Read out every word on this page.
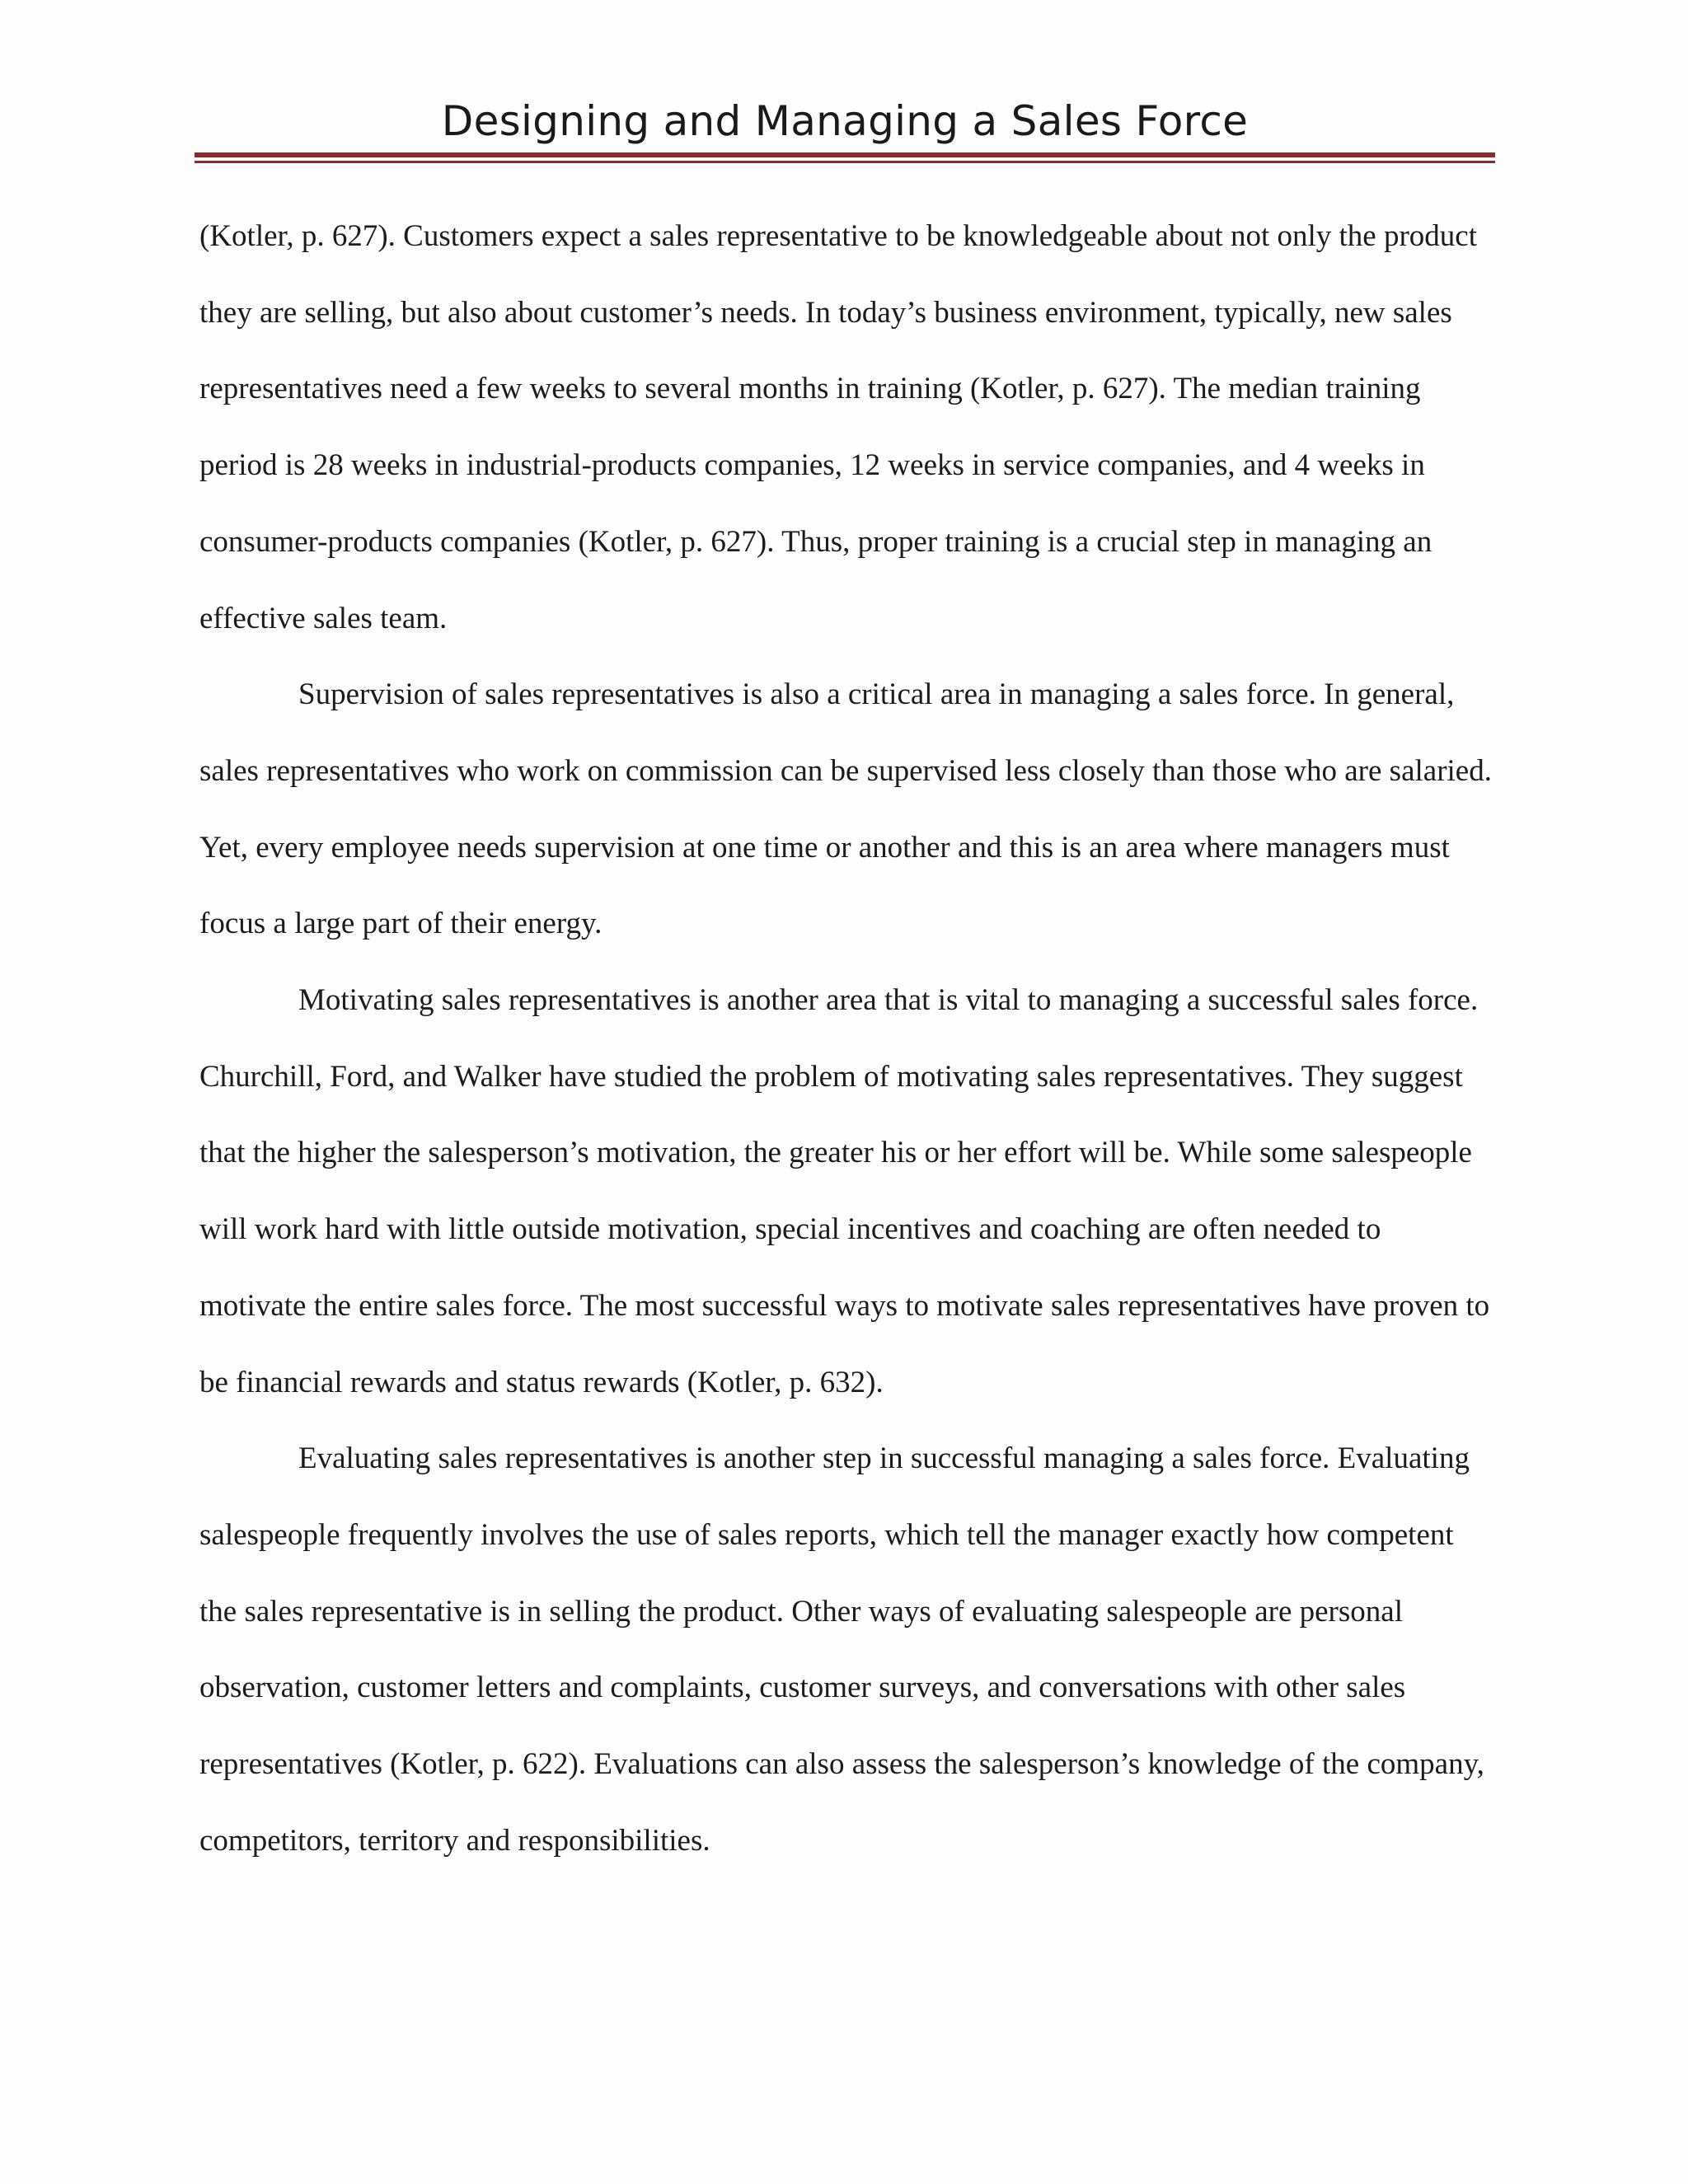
Designing and Managing a Sales Force

(Kotler, p. 627). Customers expect a sales representative to be knowledgeable about not only the product they are selling, but also about customer’s needs. In today’s business environment, typically, new sales representatives need a few weeks to several months in training (Kotler, p. 627). The median training period is 28 weeks in industrial-products companies, 12 weeks in service companies, and 4 weeks in consumer-products companies (Kotler, p. 627). Thus, proper training is a crucial step in managing an effective sales team.

Supervision of sales representatives is also a critical area in managing a sales force. In general, sales representatives who work on commission can be supervised less closely than those who are salaried. Yet, every employee needs supervision at one time or another and this is an area where managers must focus a large part of their energy.

Motivating sales representatives is another area that is vital to managing a successful sales force. Churchill, Ford, and Walker have studied the problem of motivating sales representatives. They suggest that the higher the salesperson’s motivation, the greater his or her effort will be. While some salespeople will work hard with little outside motivation, special incentives and coaching are often needed to motivate the entire sales force. The most successful ways to motivate sales representatives have proven to be financial rewards and status rewards (Kotler, p. 632).

Evaluating sales representatives is another step in successful managing a sales force. Evaluating salespeople frequently involves the use of sales reports, which tell the manager exactly how competent the sales representative is in selling the product. Other ways of evaluating salespeople are personal observation, customer letters and complaints, customer surveys, and conversations with other sales representatives (Kotler, p. 622). Evaluations can also assess the salesperson’s knowledge of the company, competitors, territory and responsibilities.
